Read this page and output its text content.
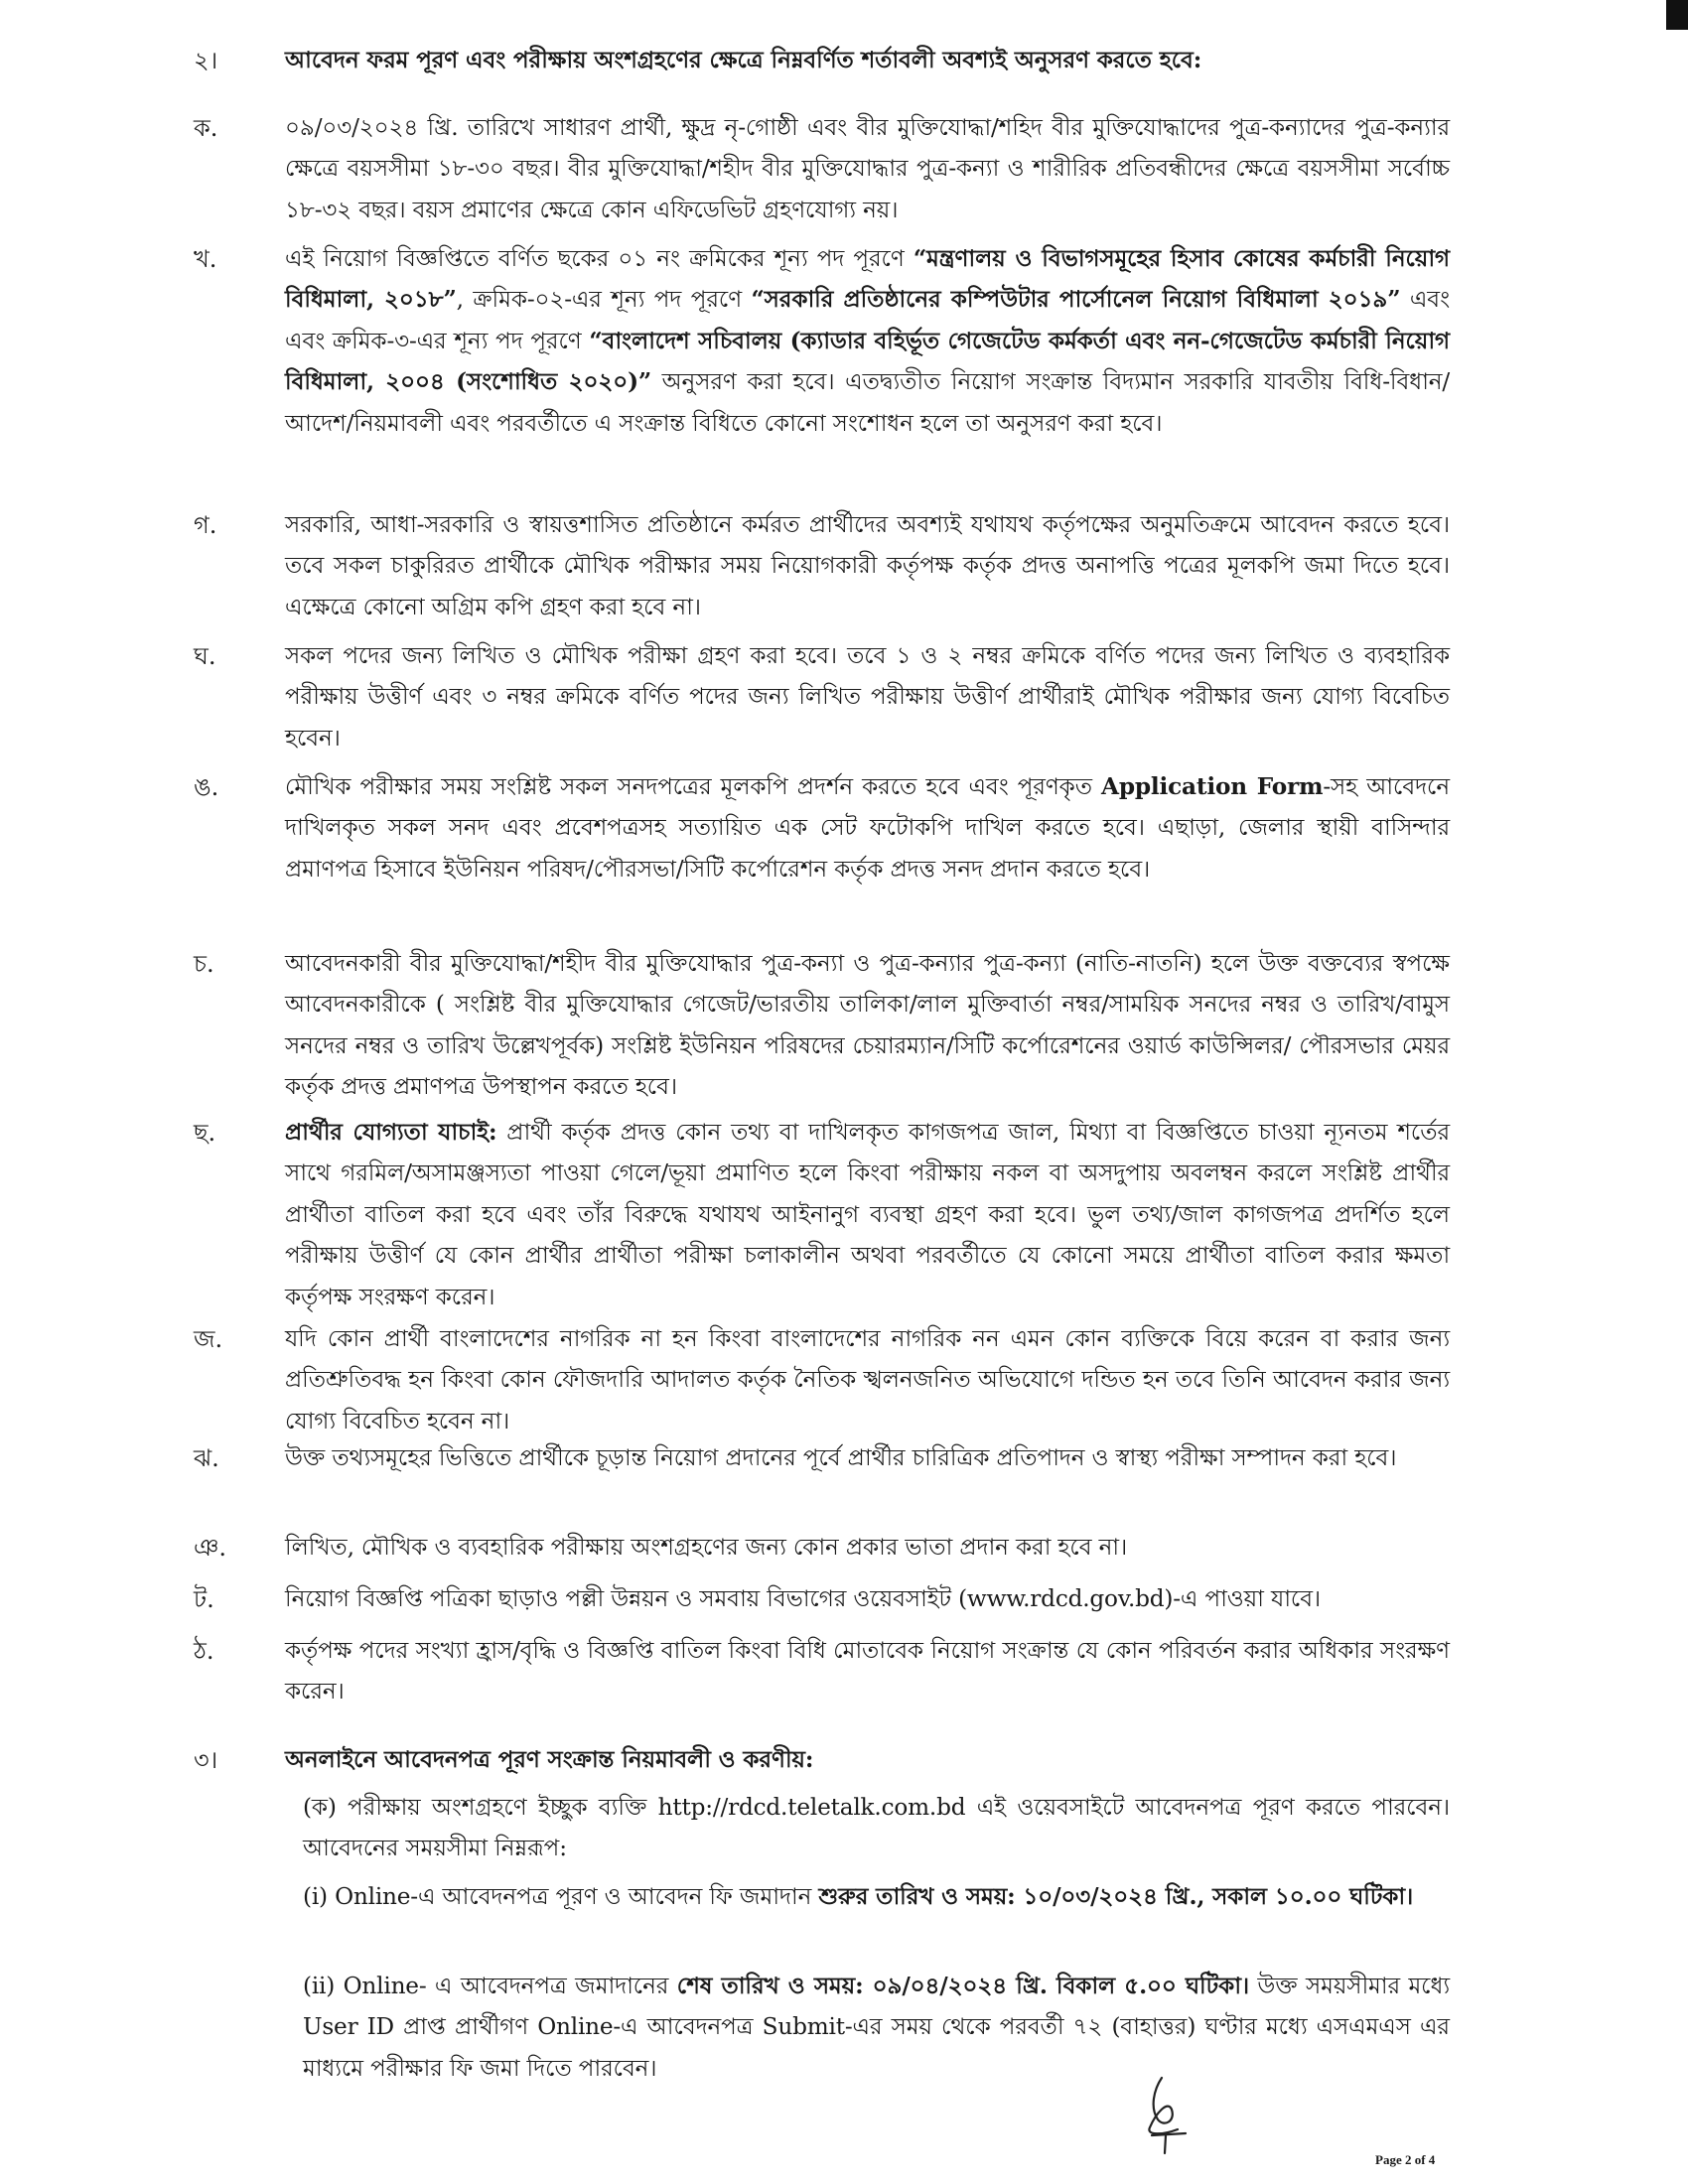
২।	আবেদন ফরম পূরণ এবং পরীক্ষায় অংশগ্রহণের ক্ষেত্রে নিম্নবর্ণিত শর্তাবলী অবশ্যই অনুসরণ করতে হবে:
ক.	০৯/০৩/২০২৪ খ্রি. তারিখে সাধারণ প্রার্থী, ক্ষুদ্র নৃ-গোষ্ঠী এবং বীর মুক্তিযোদ্ধা/শহিদ বীর মুক্তিযোদ্ধাদের পুত্র-কন্যাদের পুত্র-কন্যার ক্ষেত্রে বয়সসীমা ১৮-৩০ বছর। বীর মুক্তিযোদ্ধা/শহীদ বীর মুক্তিযোদ্ধার পুত্র-কন্যা ও শারীরিক প্রতিবন্ধীদের ক্ষেত্রে বয়সসীমা সর্বোচ্চ ১৮-৩২ বছর। বয়স প্রমাণের ক্ষেত্রে কোন এফিডেভিট গ্রহণযোগ্য নয়।
খ.	এই নিয়োগ বিজ্ঞপ্তিতে বর্ণিত ছকের ০১ নং ক্রমিকের শূন্য পদ পূরণে “মন্ত্রণালয় ও বিভাগসমূহের হিসাব কোষের কর্মচারী নিয়োগ বিধিমালা, ২০১৮”, ক্রমিক-০২-এর শূন্য পদ পূরণে “সরকারি প্রতিষ্ঠানের কম্পিউটার পার্সোনেল নিয়োগ বিধিমালা ২০১৯” এবং এবং ক্রমিক-৩-এর শূন্য পদ পূরণে “বাংলাদেশ সচিবালয় (ক্যাডার বহির্ভূত গেজেটেড কর্মকর্তা এবং নন-গেজেটেড কর্মচারী নিয়োগ বিধিমালা, ২০০৪ (সংশোধিত ২০২০)” অনুসরণ করা হবে। এতদ্ব্যতীত নিয়োগ সংক্রান্ত বিদ্যমান সরকারি যাবতীয় বিধি-বিধান/আদেশ/নিয়মাবলী এবং পরবর্তীতে এ সংক্রান্ত বিধিতে কোনো সংশোধন হলে তা অনুসরণ করা হবে।
গ.	সরকারি, আধা-সরকারি ও স্বায়ত্তশাসিত প্রতিষ্ঠানে কর্মরত প্রার্থীদের অবশ্যই যথাযথ কর্তৃপক্ষের অনুমতিক্রমে আবেদন করতে হবে। তবে সকল চাকুরিরত প্রার্থীকে মৌখিক পরীক্ষার সময় নিয়োগকারী কর্তৃপক্ষ কর্তৃক প্রদত্ত অনাপত্তি পত্রের মূলকপি জমা দিতে হবে। এক্ষেত্রে কোনো অগ্রিম কপি গ্রহণ করা হবে না।
ঘ.	সকল পদের জন্য লিখিত ও মৌখিক পরীক্ষা গ্রহণ করা হবে। তবে ১ ও ২ নম্বর ক্রমিকে বর্ণিত পদের জন্য লিখিত ও ব্যবহারিক পরীক্ষায় উত্তীর্ণ এবং ৩ নম্বর ক্রমিকে বর্ণিত পদের জন্য লিখিত পরীক্ষায় উত্তীর্ণ প্রার্থীরাই মৌখিক পরীক্ষার জন্য যোগ্য বিবেচিত হবেন।
ঙ.	মৌখিক পরীক্ষার সময় সংশ্লিষ্ট সকল সনদপত্রের মূলকপি প্রদর্শন করতে হবে এবং পূরণকৃত Application Form-সহ আবেদনে দাখিলকৃত সকল সনদ এবং প্রবেশপত্রসহ সত্যায়িত এক সেট ফটোকপি দাখিল করতে হবে। এছাড়া, জেলার স্থায়ী বাসিন্দার প্রমাণপত্র হিসাবে ইউনিয়ন পরিষদ/পৌরসভা/সিটি কর্পোরেশন কর্তৃক প্রদত্ত সনদ প্রদান করতে হবে।
চ.	আবেদনকারী বীর মুক্তিযোদ্ধা/শহীদ বীর মুক্তিযোদ্ধার পুত্র-কন্যা ও পুত্র-কন্যার পুত্র-কন্যা (নাতি-নাতনি) হলে উক্ত বক্তব্যের স্বপক্ষে আবেদনকারীকে ( সংশ্লিষ্ট বীর মুক্তিযোদ্ধার গেজেট/ভারতীয় তালিকা/লাল মুক্তিবার্তা নম্বর/সাময়িক সনদের নম্বর ও তারিখ/বামুস সনদের নম্বর ও তারিখ উল্লেখপূর্বক) সংশ্লিষ্ট ইউনিয়ন পরিষদের চেয়ারম্যান/সিটি কর্পোরেশনের ওয়ার্ড কাউন্সিলর/ পৌরসভার মেয়র কর্তৃক প্রদত্ত প্রমাণপত্র উপস্থাপন করতে হবে।
ছ.	প্রার্থীর যোগ্যতা যাচাই: প্রার্থী কর্তৃক প্রদত্ত কোন তথ্য বা দাখিলকৃত কাগজপত্র জাল, মিথ্যা বা বিজ্ঞপ্তিতে চাওয়া ন্যূনতম শর্তের সাথে গরমিল/অসামঞ্জস্যতা পাওয়া গেলে/ভূয়া প্রমাণিত হলে কিংবা পরীক্ষায় নকল বা অসদুপায় অবলম্বন করলে সংশ্লিষ্ট প্রার্থীর প্রার্থীতা বাতিল করা হবে এবং তাঁর বিরুদ্ধে যথাযথ আইনানুগ ব্যবস্থা গ্রহণ করা হবে। ভুল তথ্য/জাল কাগজপত্র প্রদর্শিত হলে পরীক্ষায় উত্তীর্ণ যে কোন প্রার্থীর প্রার্থীতা পরীক্ষা চলাকালীন অথবা পরবর্তীতে যে কোনো সময়ে প্রার্থীতা বাতিল করার ক্ষমতা কর্তৃপক্ষ সংরক্ষণ করেন।
জ.	যদি কোন প্রার্থী বাংলাদেশের নাগরিক না হন কিংবা বাংলাদেশের নাগরিক নন এমন কোন ব্যক্তিকে বিয়ে করেন বা করার জন্য প্রতিশ্রুতিবদ্ধ হন কিংবা কোন ফৌজদারি আদালত কর্তৃক নৈতিক স্খলনজনিত অভিযোগে দন্ডিত হন তবে তিনি আবেদন করার জন্য যোগ্য বিবেচিত হবেন না।
ঝ.	উক্ত তথ্যসমূহের ভিত্তিতে প্রার্থীকে চূড়ান্ত নিয়োগ প্রদানের পূর্বে প্রার্থীর চারিত্রিক প্রতিপাদন ও স্বাস্থ্য পরীক্ষা সম্পাদন করা হবে।
ঞ.	লিখিত, মৌখিক ও ব্যবহারিক পরীক্ষায় অংশগ্রহণের জন্য কোন প্রকার ভাতা প্রদান করা হবে না।
ট.	নিয়োগ বিজ্ঞপ্তি পত্রিকা ছাড়াও পল্লী উন্নয়ন ও সমবায় বিভাগের ওয়েবসাইট (www.rdcd.gov.bd)-এ পাওয়া যাবে।
ঠ.	কর্তৃপক্ষ পদের সংখ্যা হ্রাস/বৃদ্ধি ও বিজ্ঞপ্তি বাতিল কিংবা বিধি মোতাবেক নিয়োগ সংক্রান্ত যে কোন পরিবর্তন করার অধিকার সংরক্ষণ করেন।
৩।	অনলাইনে আবেদনপত্র পূরণ সংক্রান্ত নিয়মাবলী ও করণীয়:
(ক) পরীক্ষায় অংশগ্রহণে ইচ্ছুক ব্যক্তি http://rdcd.teletalk.com.bd এই ওয়েবসাইটে আবেদনপত্র পূরণ করতে পারবেন। আবেদনের সময়সীমা নিম্নরূপ:
(i) Online-এ আবেদনপত্র পূরণ ও আবেদন ফি জমাদান শুরুর তারিখ ও সময়: ১০/০৩/২০২৪ খ্রি., সকাল ১০.০০ ঘটিকা।
(ii) Online- এ আবেদনপত্র জমাদানের শেষ তারিখ ও সময়: ০৯/০৪/২০২৪ খ্রি. বিকাল ৫.০০ ঘটিকা। উক্ত সময়সীমার মধ্যে User ID প্রাপ্ত প্রার্থীগণ Online-এ আবেদনপত্র Submit-এর সময় থেকে পরবর্তী ৭২ (বাহাত্তর) ঘণ্টার মধ্যে এসএমএস এর মাধ্যমে পরীক্ষার ফি জমা দিতে পারবেন।
Page 2 of 4
